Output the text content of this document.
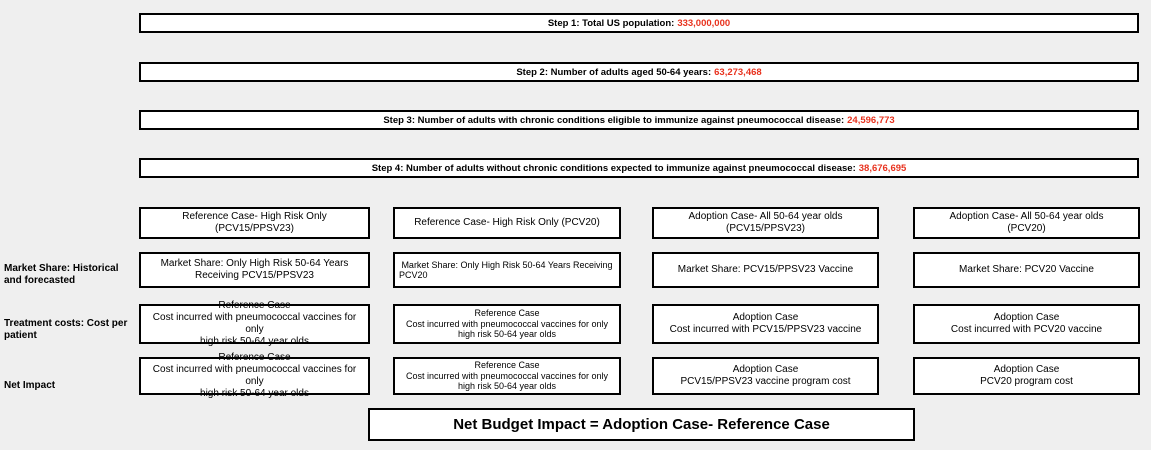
Step 1: Total US population: 333,000,000
Step 2: Number of adults aged 50-64 years: 63,273,468
Step 3: Number of adults with chronic conditions eligible to immunize against pneumococcal disease: 24,596,773
Step 4: Number of adults without chronic conditions expected to immunize against pneumococcal disease: 38,676,695
Market Share: Historical and forecasted
Treatment costs: Cost per patient
Net Impact
Reference Case- High Risk Only (PCV15/PPSV23)
Reference Case- High Risk Only (PCV20)
Adoption Case- All 50-64 year olds
(PCV15/PPSV23)
Adoption Case- All 50-64 year olds
(PCV20)
Market Share: Only High Risk 50-64 Years
Receiving PCV15/PPSV23
Market Share: Only High Risk 50-64 Years Receiving
PCV20	Market Share: PCV15/PPSV23 Vaccine	Market Share: PCV20 Vaccine
Reference Case
Cost incurred with pneumococcal vaccines for only
high risk 50-64 year olds
Reference Case
Cost incurred with pneumococcal vaccines for only
high risk 50-64 year olds
Adoption Case
Cost incurred with PCV15/PPSV23 vaccine
Adoption Case
Cost incurred with PCV20 vaccine
Reference Case
Cost incurred with pneumococcal vaccines for only
high risk 50-64 year olds
Reference Case
Cost incurred with pneumococcal vaccines for only
high risk 50-64 year olds
Adoption Case
PCV15/PPSV23 vaccine program cost
Adoption Case
PCV20 program cost
Net Budget Impact = Adoption Case- Reference Case
